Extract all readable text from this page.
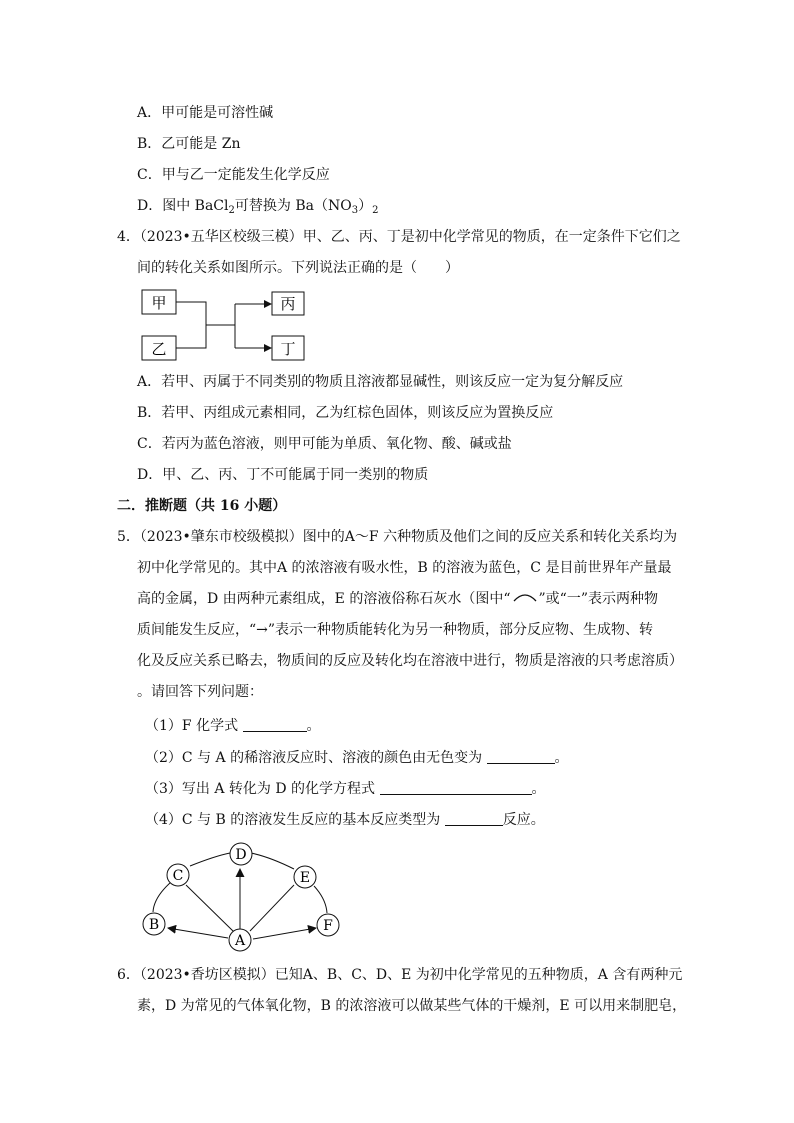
A．甲可能是可溶性碱
B．乙可能是 Zn
C．甲与乙一定能发生化学反应
D．图中 BaCl$_2$可替换为 $Ba(NO_3)_2$
4．（2023•五华区校级三模）甲、乙、丙、丁是初中化学常见的物质，在一定条件下它们之
间的转化关系如图所示。下列说法正确的是（　　）
甲
乙
丙
丁
A．若甲、丙属于不同类别的物质且溶液都显碱性，则该反应一定为复分解反应
B．若甲、丙组成元素相同，乙为红棕色固体，则该反应为置换反应
C．若丙为蓝色溶液，则甲可能为单质、氧化物、酸、碱或盐
D．甲、乙、丙、丁不可能属于同一类别的物质
二．推断题（共 16 小题）
5．（2023•肇东市校级模拟）图中的A～F 六种物质及他们之间的反应关系和转化关系均为
初中化学常见的。其中A 的浓溶液有吸水性，B 的溶液为蓝色，C 是目前世界年产量最
高的金属，D 由两种元素组成，E 的溶液俗称石灰水（图中“ ”或“一”表示两种物
质间能发生反应，“→”表示一种物质能转化为另一种物质，部分反应物、生成物、转
化及反应关系已略去，物质间的反应及转化均在溶液中进行，物质是溶液的只考虑溶质）
。请回答下列问题：
（1）F 化学式	。
（2）C 与 A 的稀溶液反应时、溶液的颜色由无色变为	。
（3）写出 A 转化为 D 的化学方程式	。
（4）C 与 B 的溶液发生反应的基本反应类型为	反应。
D
C	E
B	F
A
6．（2023•香坊区模拟）已知A、B、C、D、E 为初中化学常见的五种物质，A 含有两种元
素，D 为常见的气体氧化物，B 的浓溶液可以做某些气体的干燥剂，E 可以用来制肥皂，
